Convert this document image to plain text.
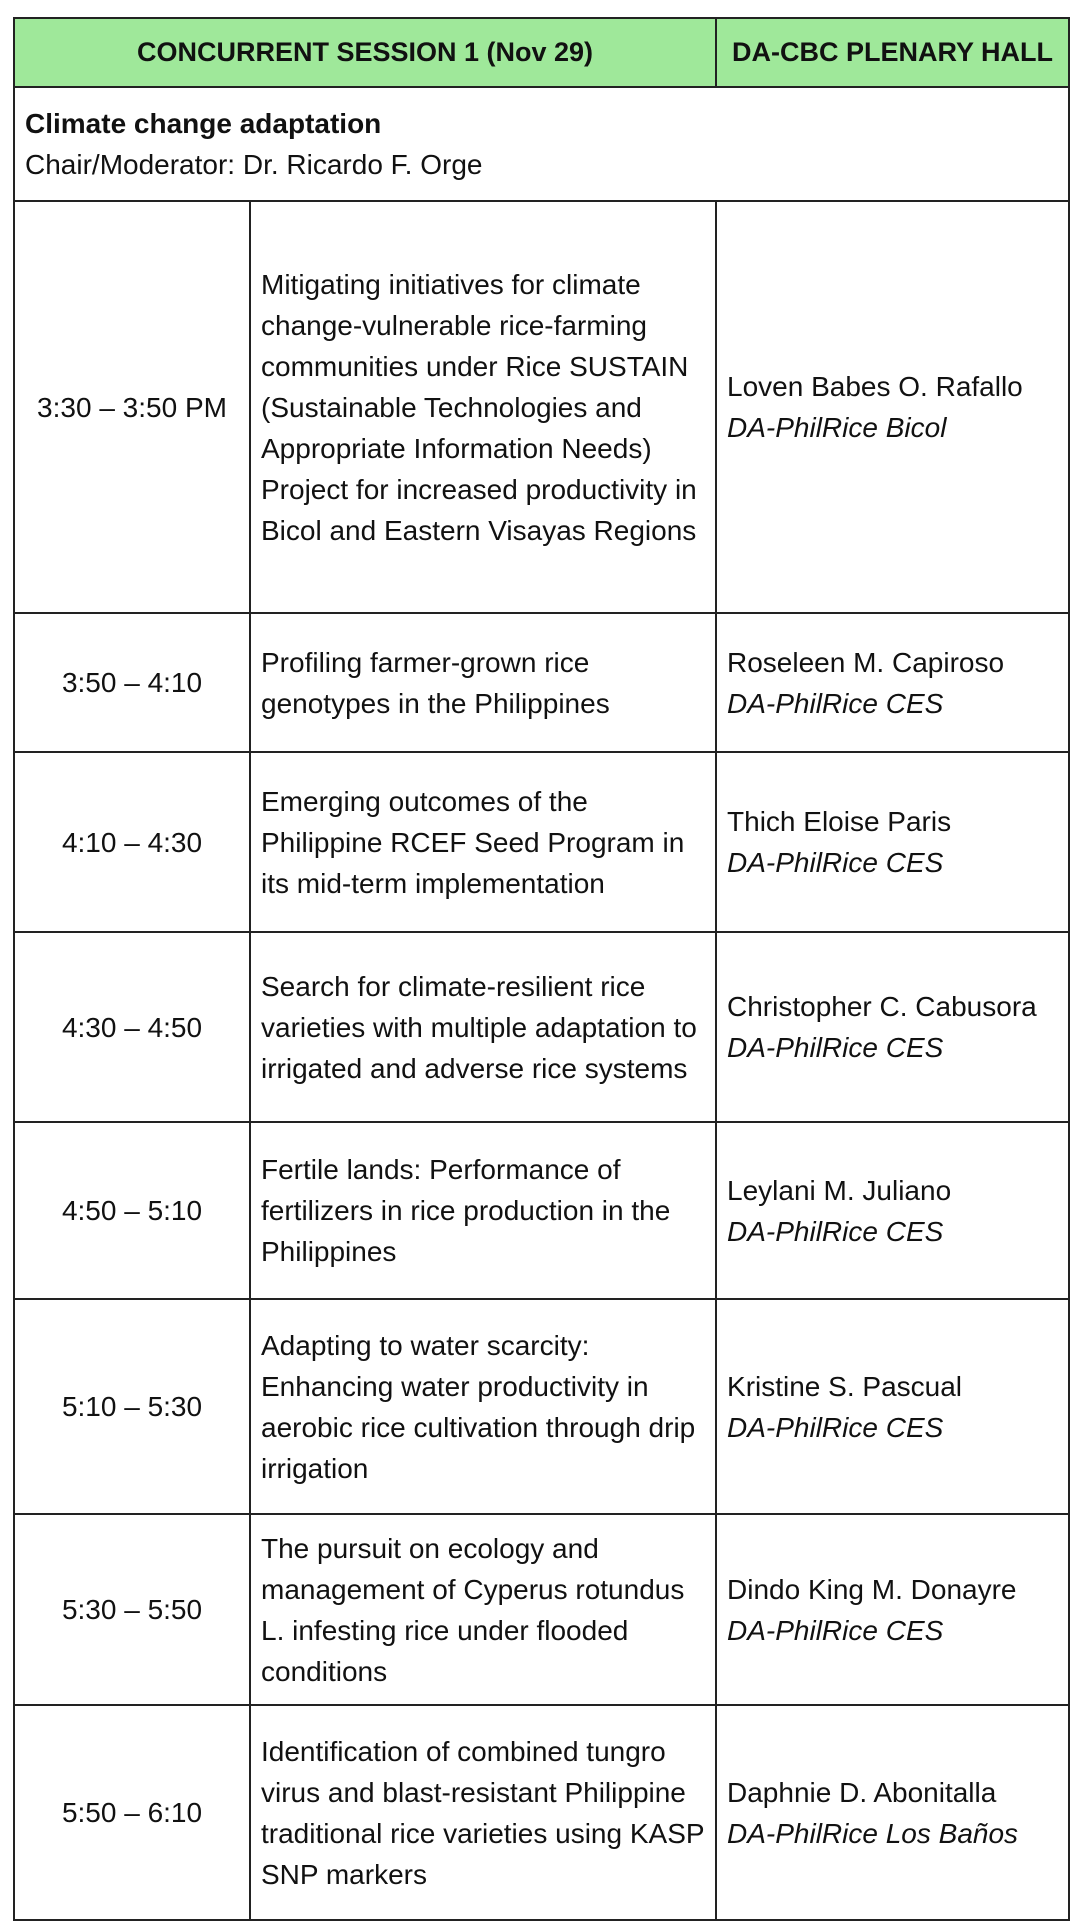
CONCURRENT SESSION 1 (Nov 29)		DA-CBC PLENARY HALL

Climate change adaptation
Chair/Moderator: Dr. Ricardo F. Orge		

3:30 – 3:50 PM	Mitigating initiatives for climate change-vulnerable rice-farming communities under Rice SUSTAIN (Sustainable Technologies and Appropriate Information Needs) Project for increased productivity in Bicol and Eastern Visayas Regions	Loven Babes O. Rafallo
DA-PhilRice Bicol

3:50 – 4:10	Profiling farmer-grown rice genotypes in the Philippines	Roseleen M. Capiroso
DA-PhilRice CES

4:10 – 4:30	Emerging outcomes of the Philippine RCEF Seed Program in its mid-term implementation	Thich Eloise Paris
DA-PhilRice CES

4:30 – 4:50	Search for climate-resilient rice varieties with multiple adaptation to irrigated and adverse rice systems	Christopher C. Cabusora
DA-PhilRice CES

4:50 – 5:10	Fertile lands: Performance of fertilizers in rice production in the Philippines	Leylani M. Juliano
DA-PhilRice CES

5:10 – 5:30	Adapting to water scarcity: Enhancing water productivity in aerobic rice cultivation through drip irrigation	Kristine S. Pascual
DA-PhilRice CES

5:30 – 5:50	The pursuit on ecology and management of Cyperus rotundus L. infesting rice under flooded conditions	Dindo King M. Donayre
DA-PhilRice CES

5:50 – 6:10	Identification of combined tungro virus and blast-resistant Philippine traditional rice varieties using KASP SNP markers	Daphnie D. Abonitalla
DA-PhilRice Los Baños
